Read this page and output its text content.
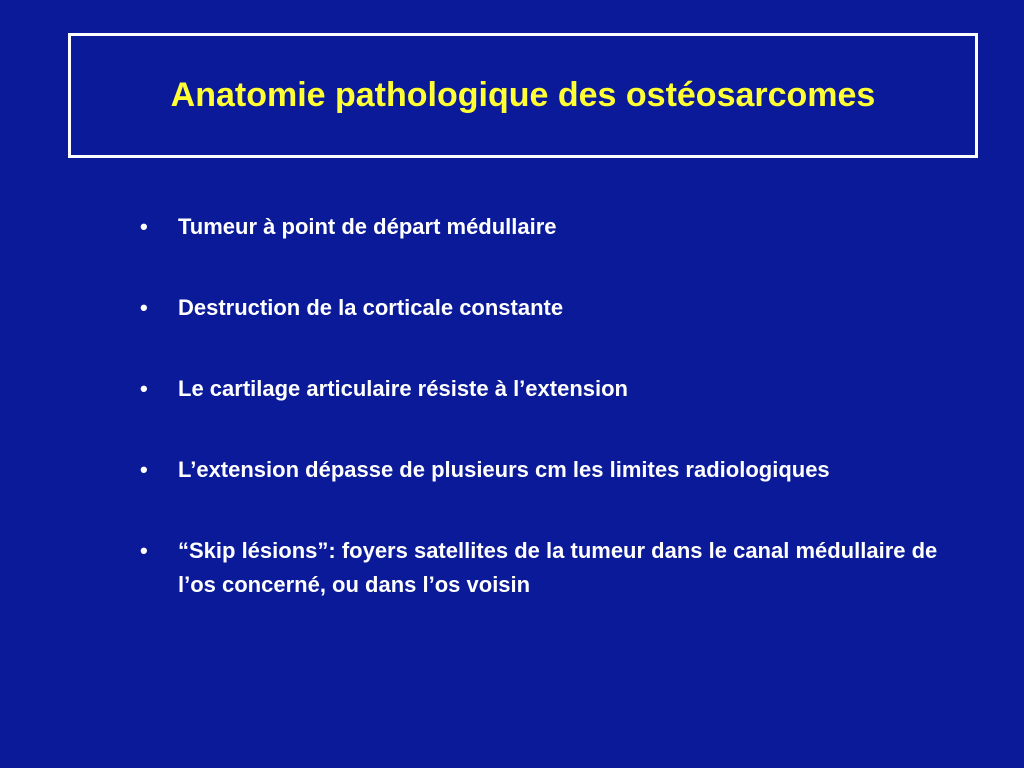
Anatomie pathologique des ostéosarcomes
•	Tumeur à point de départ médullaire
•	Destruction de la corticale constante
•	Le cartilage articulaire résiste à l’extension
•	L’extension dépasse de plusieurs cm les limites radiologiques
•	“Skip lésions”: foyers satellites de la tumeur dans le canal médullaire de l’os concerné, ou dans l’os voisin
